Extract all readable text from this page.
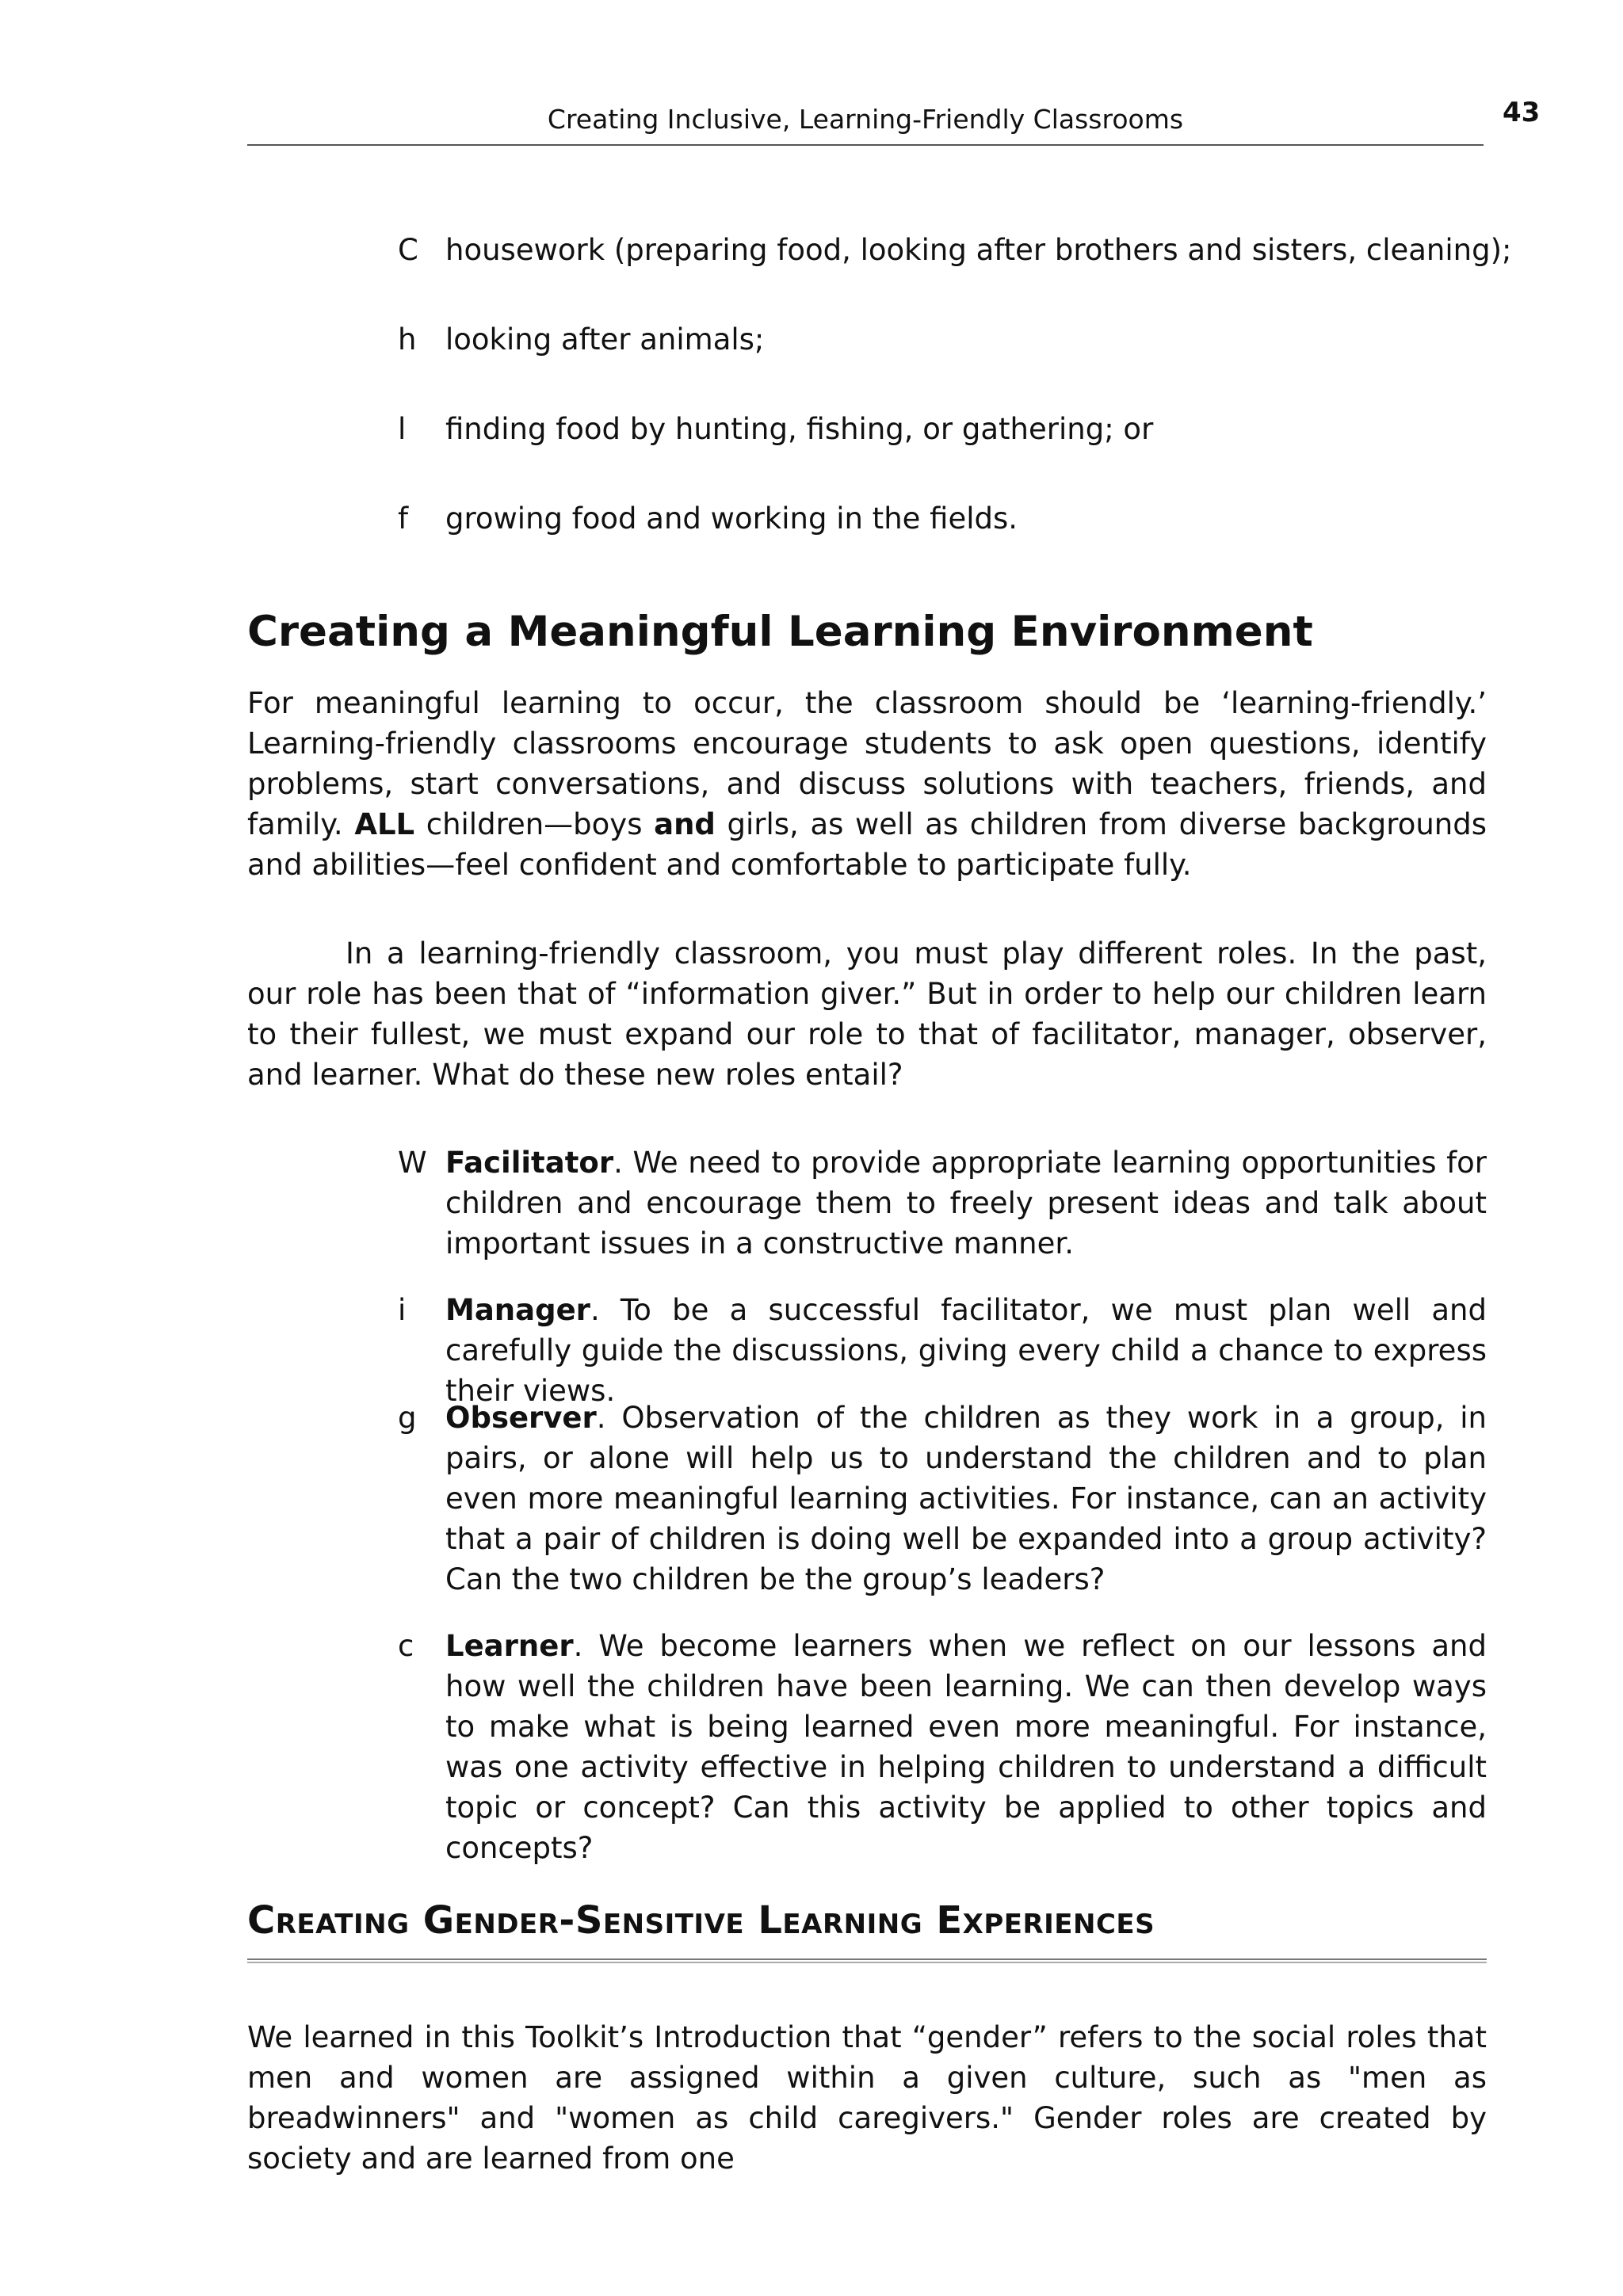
Creating Inclusive, Learning-Friendly Classrooms	43
C housework (preparing food, looking after brothers and sisters, cleaning);
h looking after animals;
l finding food by hunting, fishing, or gathering; or
f growing food and working in the fields.
Creating a Meaningful Learning Environment

For meaningful learning to occur, the classroom should be ‘learning-friendly.’ Learning-friendly classrooms encourage students to ask open questions, identify problems, start conversations, and discuss solutions with teachers, friends, and family. ALL children—boys and girls, as well as children from diverse backgrounds and abilities—feel confident and comfortable to participate fully.

In a learning-friendly classroom, you must play different roles. In the past, our role has been that of “information giver.” But in order to help our children learn to their fullest, we must expand our role to that of facilitator, manager, observer, and learner. What do these new roles entail?

W Facilitator. We need to provide appropriate learning opportunities for children and encourage them to freely present ideas and talk about important issues in a constructive manner.
i	Manager. To be a successful facilitator, we must plan well and carefully guide the discussions, giving every child a chance to express their views.
g Observer. Observation of the children as they work in a group, in pairs, or alone will help us to understand the children and to plan even more meaningful learning activities. For instance, can an activity that a pair of children is doing well be expanded into a group activity? Can the two children be the group’s leaders?
c	Learner. We become learners when we reflect on our lessons and how well the children have been learning. We can then develop ways to make what is being learned even more meaningful. For instance, was one activity effective in helping children to understand a difficult topic or concept? Can this activity be applied to other topics and concepts?
Creating Gender-Sensitive Learning Experiences

We learned in this Toolkit’s Introduction that “gender” refers to the social roles that men and women are assigned within a given culture, such as "men as breadwinners" and "women as child caregivers." Gender roles are created by society and are learned from one
